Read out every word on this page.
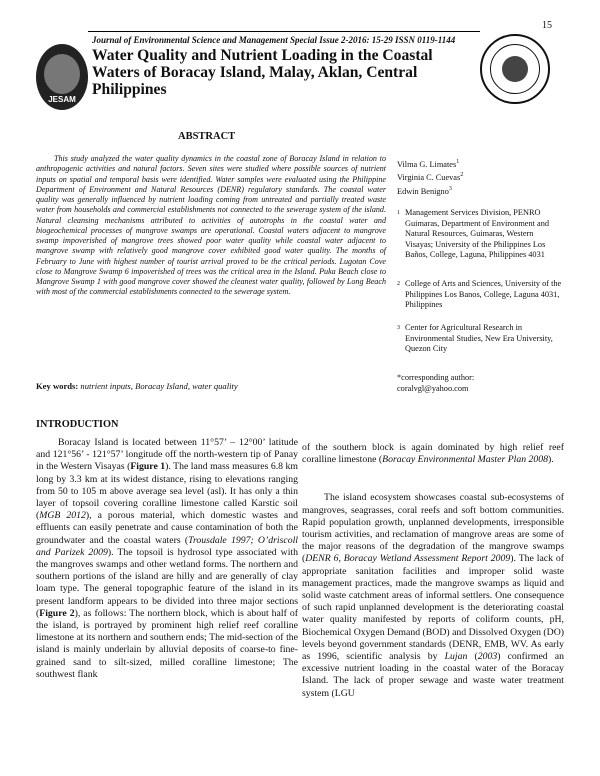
15
JESAM
Journal of Environmental Science and Management Special Issue 2-2016: 15-29 ISSN 0119-1144
Water Quality and Nutrient Loading in the Coastal Waters of Boracay Island, Malay, Aklan, Central Philippines
ABSTRACT
This study analyzed the water quality dynamics in the coastal zone of Boracay Island in relation to anthropogenic activities and natural factors. Seven sites were studied where possible sources of nutrient inputs on spatial and temporal basis were identified. Water samples were evaluated using the Philippine Department of Environment and Natural Resources (DENR) regulatory standards. The coastal water quality was generally influenced by nutrient loading coming from untreated and partially treated waste water from households and commercial establishments not connected to the sewerage system of the island. Natural cleansing mechanisms attributed to activities of autotrophs in the coastal water and biogeochemical processes of mangrove swamps are operational. Coastal waters adjacent to mangrove swamp impoverished of mangrove trees showed poor water quality while coastal water adjacent to mangrove swamp with relatively good mangrove cover exhibited good water quality. The months of February to June with highest number of tourist arrival proved to be the critical periods. Lugotan Cove close to Mangrove Swamp 6 impoverished of trees was the critical area in the Island. Puka Beach close to Mangrove Swamp 1 with good mangrove cover showed the cleanest water quality, followed by Long Beach with most of the commercial establishments connected to the sewerage system.
Vilma G. Limates$^1$
Virginia C. Cuevas$^2$
Edwin Benigno$^3$
1 Management Services Division, PENRO Guimaras, Department of Environment and Natural Resources, Guimaras, Western Visayas; University of the Philippines Los Baños, College, Laguna, Philippines 4031
2 College of Arts and Sciences, University of the Philippines Los Banos, College, Laguna 4031, Philippines
3 Center for Agricultural Research in Environmental Studies, New Era University, Quezon City
*corresponding author:
coralvgl@yahoo.com
Key words: nutrient inputs, Boracay Island, water quality
INTRODUCTION

Boracay Island is located between 11°57’ – 12°00’ latitude and 121°56’ - 121°57’ longitude off the north-western tip of Panay in the Western Visayas (Figure 1). The land mass measures 6.8 km long by 3.3 km at its widest distance, rising to elevations ranging from 50 to 105 m above average sea level (asl). It has only a thin layer of topsoil covering coralline limestone called Karstic soil (MGB 2012), a porous material, which domestic wastes and effluents can easily penetrate and cause contamination of both the groundwater and the coastal waters (Trousdale 1997; O’driscoll and Parizek 2009). The topsoil is hydrosol type associated with the mangroves swamps and other wetland forms. The northern and southern portions of the island are hilly and are generally of clay loam type. The general topographic feature of the island in its present landform appears to be divided into three major sections (Figure 2), as follows: The northern block, which is about half of the island, is portrayed by prominent high relief reef coralline limestone at its northern and southern ends; The mid-section of the island is mainly underlain by alluvial deposits of coarse-to fine-grained sand to silt-sized, milled coralline limestone; The southwest flank

of the southern block is again dominated by high relief reef coralline limestone (Boracay Environmental Master Plan 2008).

The island ecosystem showcases coastal sub-ecosystems of mangroves, seagrasses, coral reefs and soft bottom communities. Rapid population growth, unplanned developments, irresponsible tourism activities, and reclamation of mangrove areas are some of the major reasons of the degradation of the mangrove swamps (DENR 6, Boracay Wetland Assessment Report 2009). The lack of appropriate sanitation facilities and improper solid waste management practices, made the mangrove swamps as liquid and solid waste catchment areas of informal settlers. One consequence of such rapid unplanned development is the deteriorating coastal water quality manifested by reports of coliform counts, pH, Biochemical Oxygen Demand (BOD) and Dissolved Oxygen (DO) levels beyond government standards (DENR, EMB, WV. As early as 1996, scientific analysis by Lujan (2003) confirmed an excessive nutrient loading in the coastal water of the Boracay Island. The lack of proper sewage and waste water treatment system (LGU
